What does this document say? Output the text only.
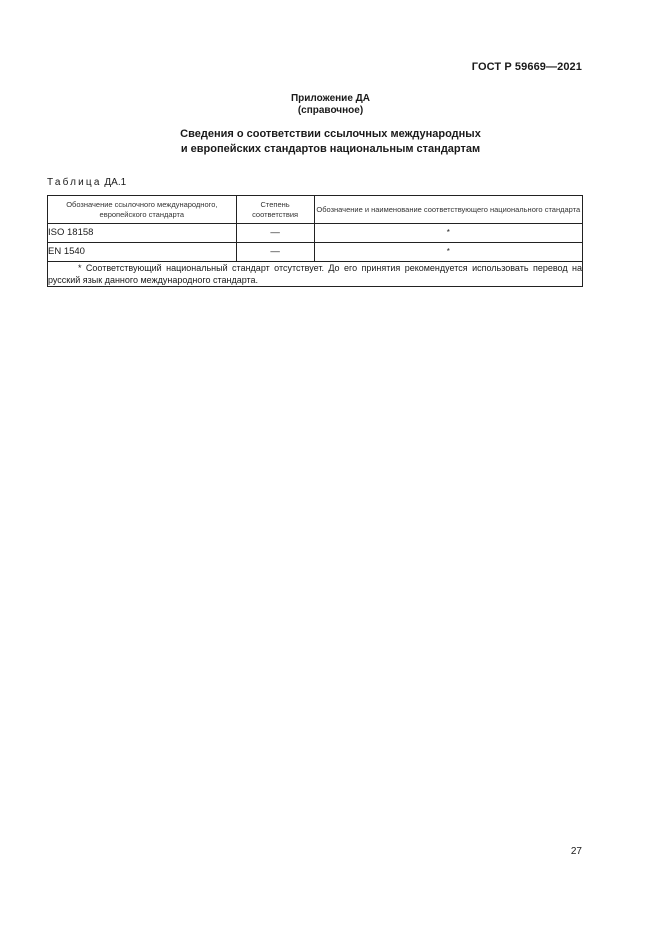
ГОСТ Р 59669—2021
Приложение ДА
(справочное)
Сведения о соответствии ссылочных международных
и европейских стандартов национальным стандартам
Таблица ДА.1
Обозначение ссылочного международного, европейского стандарта	Степень соответствия	Обозначение и наименование соответствующего национального стандарта
ISO 18158	—	*
EN 1540	—	*
* Соответствующий национальный стандарт отсутствует. До его принятия рекомендуется использовать перевод на русский язык данного международного стандарта.		
27
